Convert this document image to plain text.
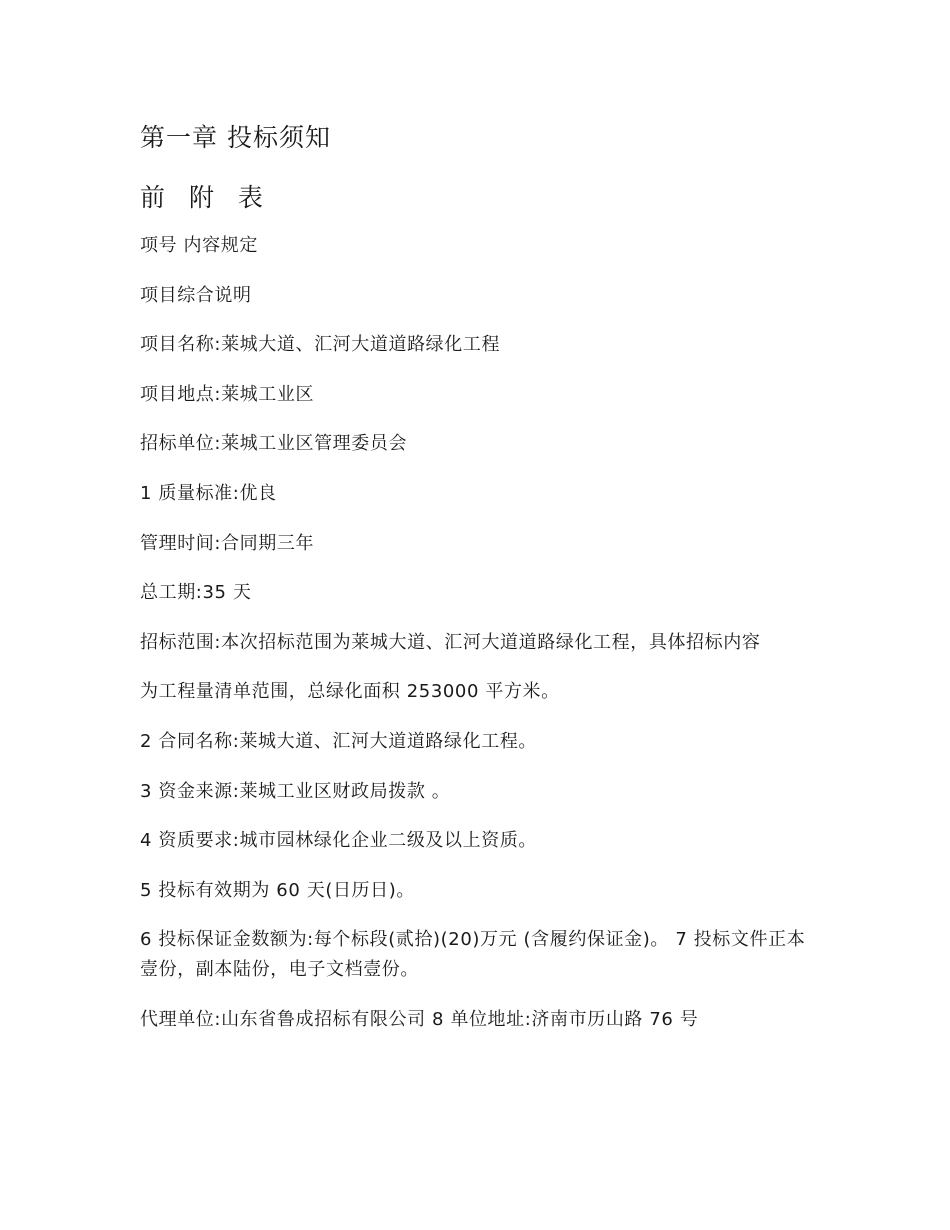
第一章 投标须知
前 附 表
项号 内容规定
项目综合说明
项目名称:莱城大道、汇河大道道路绿化工程
项目地点:莱城工业区
招标单位:莱城工业区管理委员会
1 质量标准:优良
管理时间:合同期三年
总工期:35 天
招标范围:本次招标范围为莱城大道、汇河大道道路绿化工程，具体招标内容
为工程量清单范围，总绿化面积 253000 平方米。
2 合同名称:莱城大道、汇河大道道路绿化工程。
3 资金来源:莱城工业区财政局拨款 。
4 资质要求:城市园林绿化企业二级及以上资质。
5 投标有效期为 60 天(日历日)。
6 投标保证金数额为:每个标段(贰拾)(20)万元 (含履约保证金)。 7 投标文件正本壹份，副本陆份，电子文档壹份。
代理单位:山东省鲁成招标有限公司 8 单位地址:济南市历山路 76 号
